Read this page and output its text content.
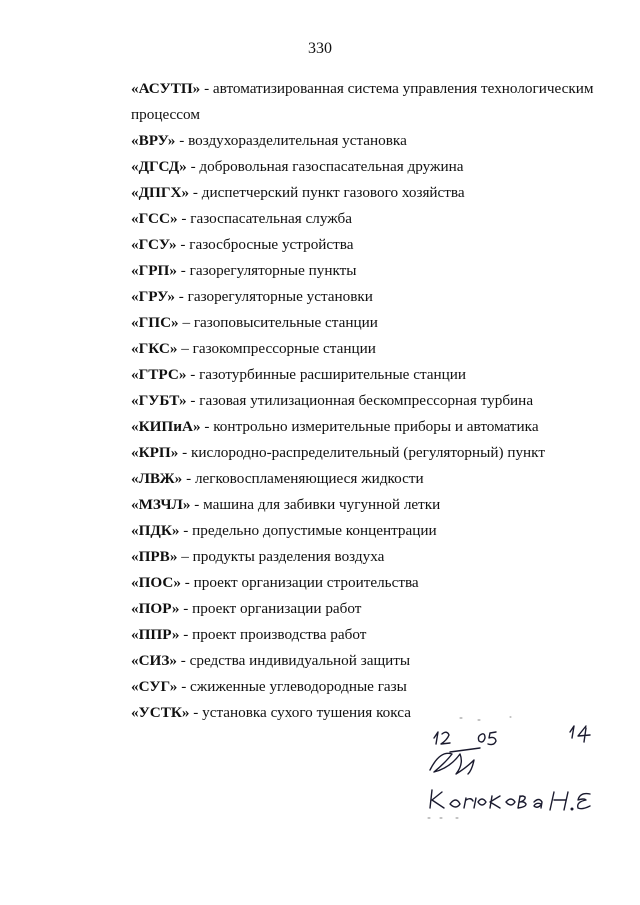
330
«АСУТП» - автоматизированная система управления технологическим процессом
«ВРУ» - воздухоразделительная установка
«ДГСД» - добровольная газоспасательная дружина
«ДПГХ» - диспетчерский пункт газового хозяйства
«ГСС» - газоспасательная служба
«ГСУ» - газосбросные устройства
«ГРП» - газорегуляторные пункты
«ГРУ» - газорегуляторные установки
«ГПС» – газоповысительные станции
«ГКС» – газокомпрессорные станции
«ГТРС» - газотурбинные расширительные станции
«ГУБТ» - газовая утилизационная бескомпрессорная турбина
«КИПиА» - контрольно измерительные приборы и автоматика
«КРП» - кислородно-распределительный (регуляторный) пункт
«ЛВЖ» - легковоспламеняющиеся жидкости
«МЗЧЛ» - машина для забивки чугунной летки
«ПДК» - предельно допустимые концентрации
«ПРВ» – продукты разделения воздуха
«ПОС» - проект организации строительства
«ПОР» - проект организации работ
«ППР» - проект производства работ
«СИЗ» - средства индивидуальной защиты
«СУГ» - сжиженные углеводородные газы
«УСТК» - установка сухого тушения кокса
